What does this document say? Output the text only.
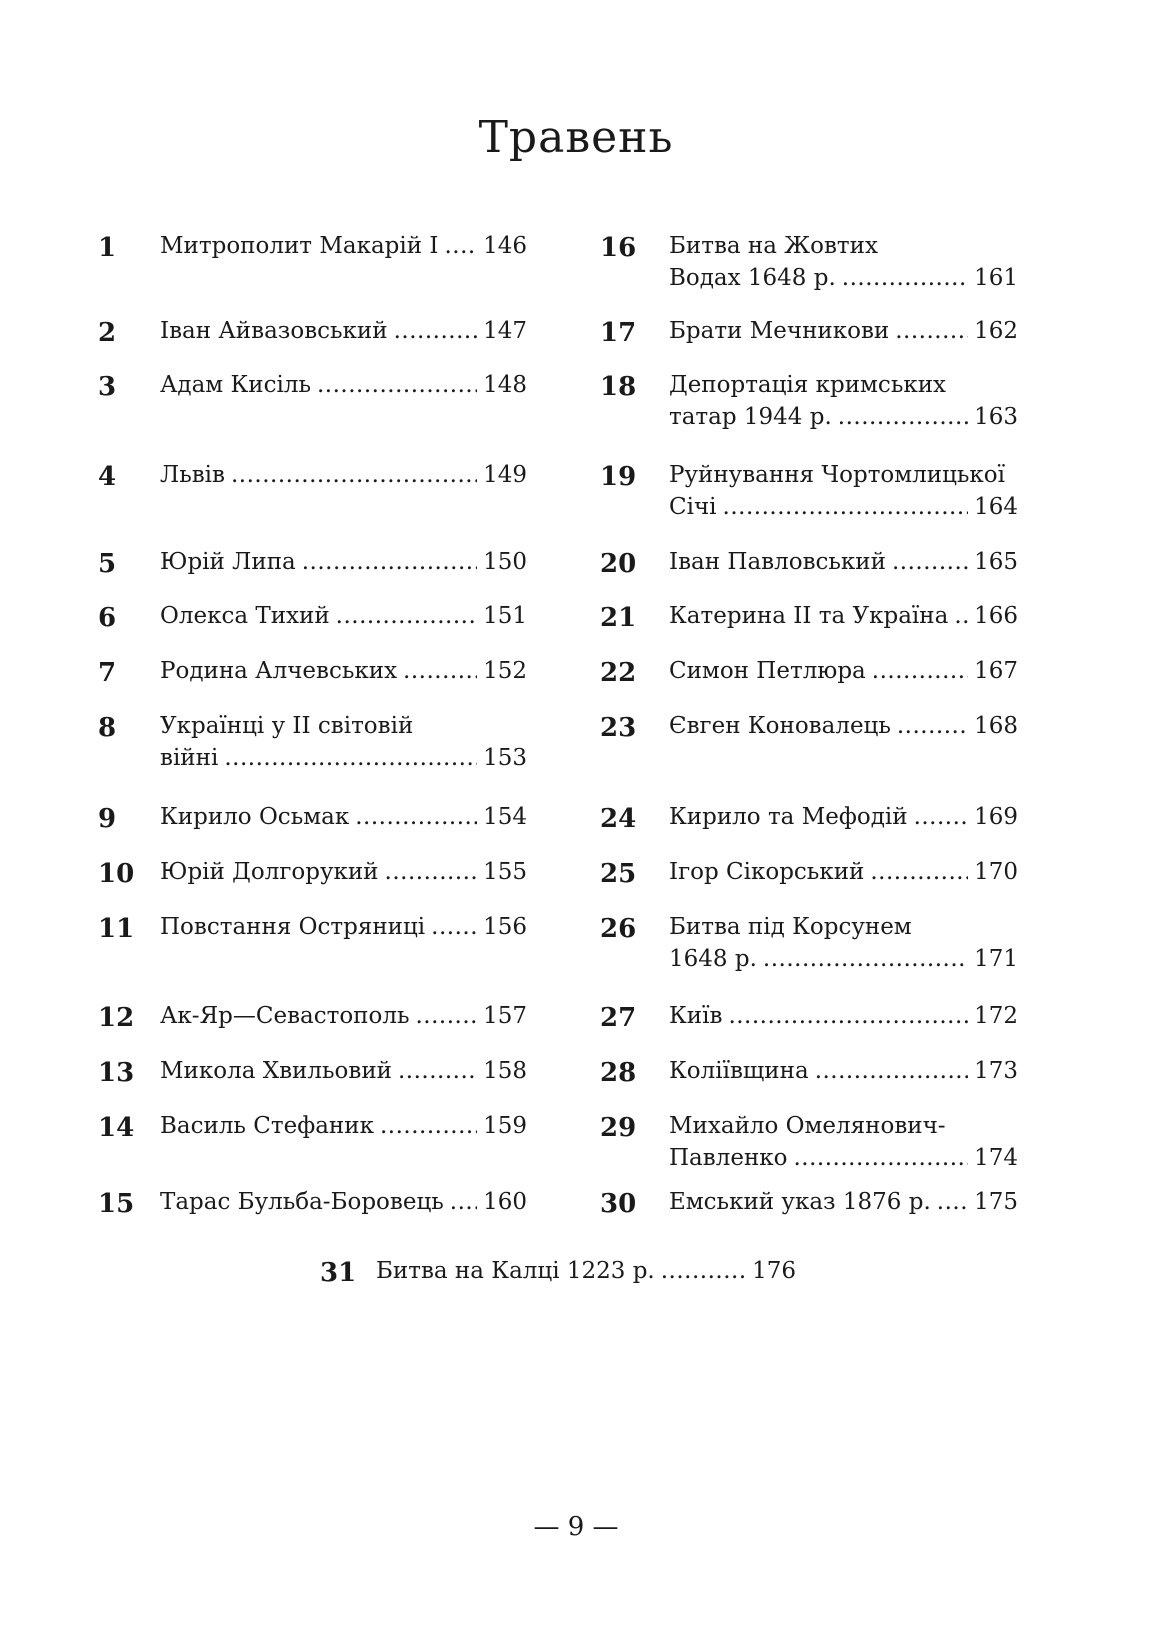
Травень
1 Митрополит Макарій I ..... 146
2 Іван Айвазовський .....	147
3 Адам Кисіль .....	148
4 Львів .....	149
5 Юрій Липа .....	150
6 Олекса Тихий .....	151
7 Родина Алчевських .....	152
8 Українці у II світовій
війні .....	153
9 Кирило Осьмак .....	154
10 Юрій Долгорукий .....	155
11 Повстання Остряниці .....	156
12 Ак-Яр—Севастополь .....	157
13 Микола Хвильовий .....	158
14 Василь Стефаник .....	159
15 Тарас Бульба-Боровець ..... 160
16 Битва на Жовтих
Водах 1648 р. .....	161
17 Брати Мечникови .....	162
18 Депортація кримських
татар 1944 р. .....	163
19 Руйнування Чортомлицької
Січі .....	164
20 Іван Павловський .....	165
21 Катерина II та Україна ..... 166
22 Симон Петлюра .....	167
23 Євген Коновалець .....	168
24 Кирило та Мефодій .....	169
25 Ігор Сікорський .....	170
26 Битва під Корсунем
1648 р. .....	171
27 Київ .....	172
28 Коліївщина .....	173
29 Михайло Омелянович-
Павленко .....	174
30 Емський указ 1876 р. ..... 175
31 Битва на Калці 1223 р. .....	176
— 9 —
